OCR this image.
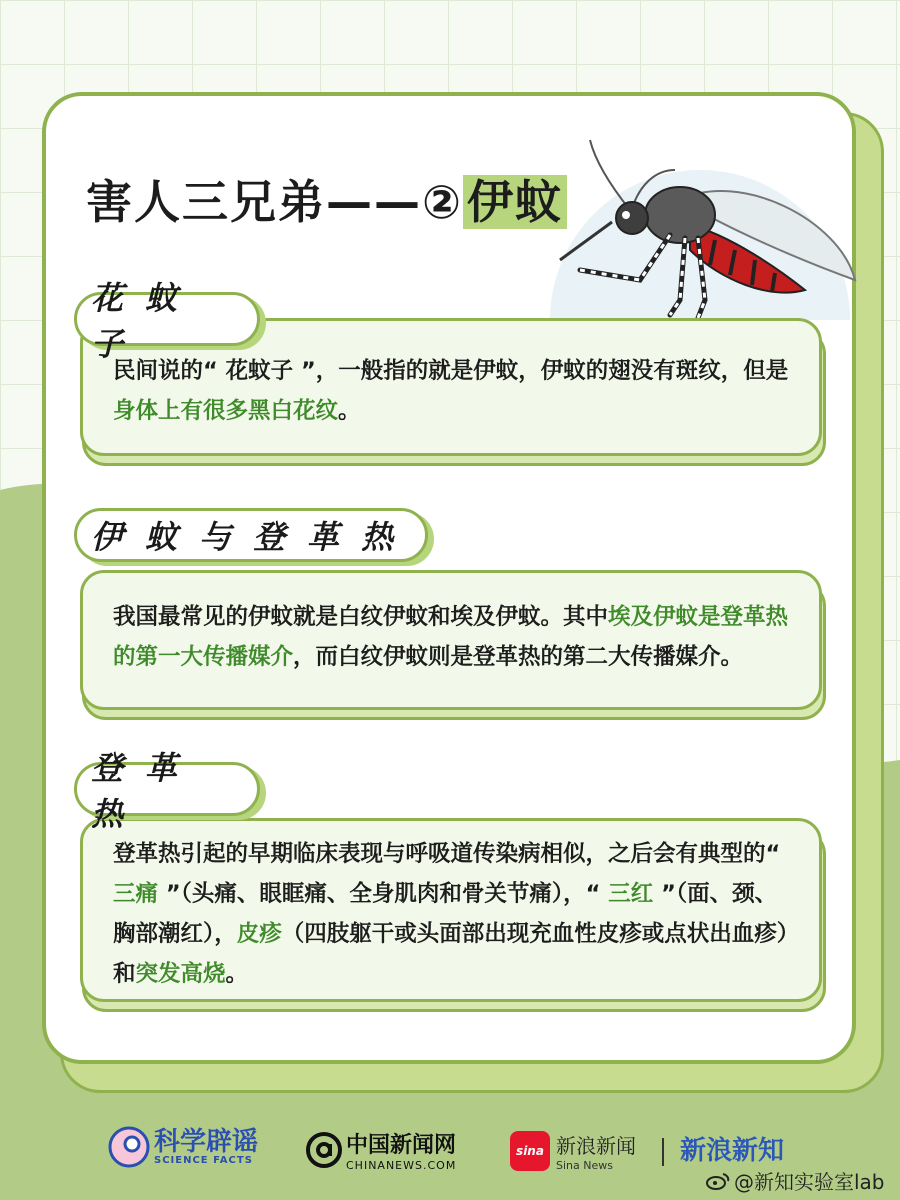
害人三兄弟——②伊蚊

民间说的“ 花蚊子 ”，一般指的就是伊蚊，伊蚊的翅没有斑纹，但是身体上有很多黑白花纹。

花蚊子

我国最常见的伊蚊就是白纹伊蚊和埃及伊蚊。其中埃及伊蚊是登革热的第一大传播媒介，而白纹伊蚊则是登革热的第二大传播媒介。

伊蚊与登革热

登革热引起的早期临床表现与呼吸道传染病相似，之后会有典型的“ 三痛 ”（头痛、眼眶痛、全身肌肉和骨关节痛），“ 三红 ”（面、颈、胸部潮红），皮疹（四肢躯干或头面部出现充血性皮疹或点状出血疹）和突发高烧。

登革热
科学辟谣
SCIENCE FACTS
中国新闻网
CHINANEWS.COM
sina 新浪新闻
Sina News	新浪新知
@新知实验室lab
